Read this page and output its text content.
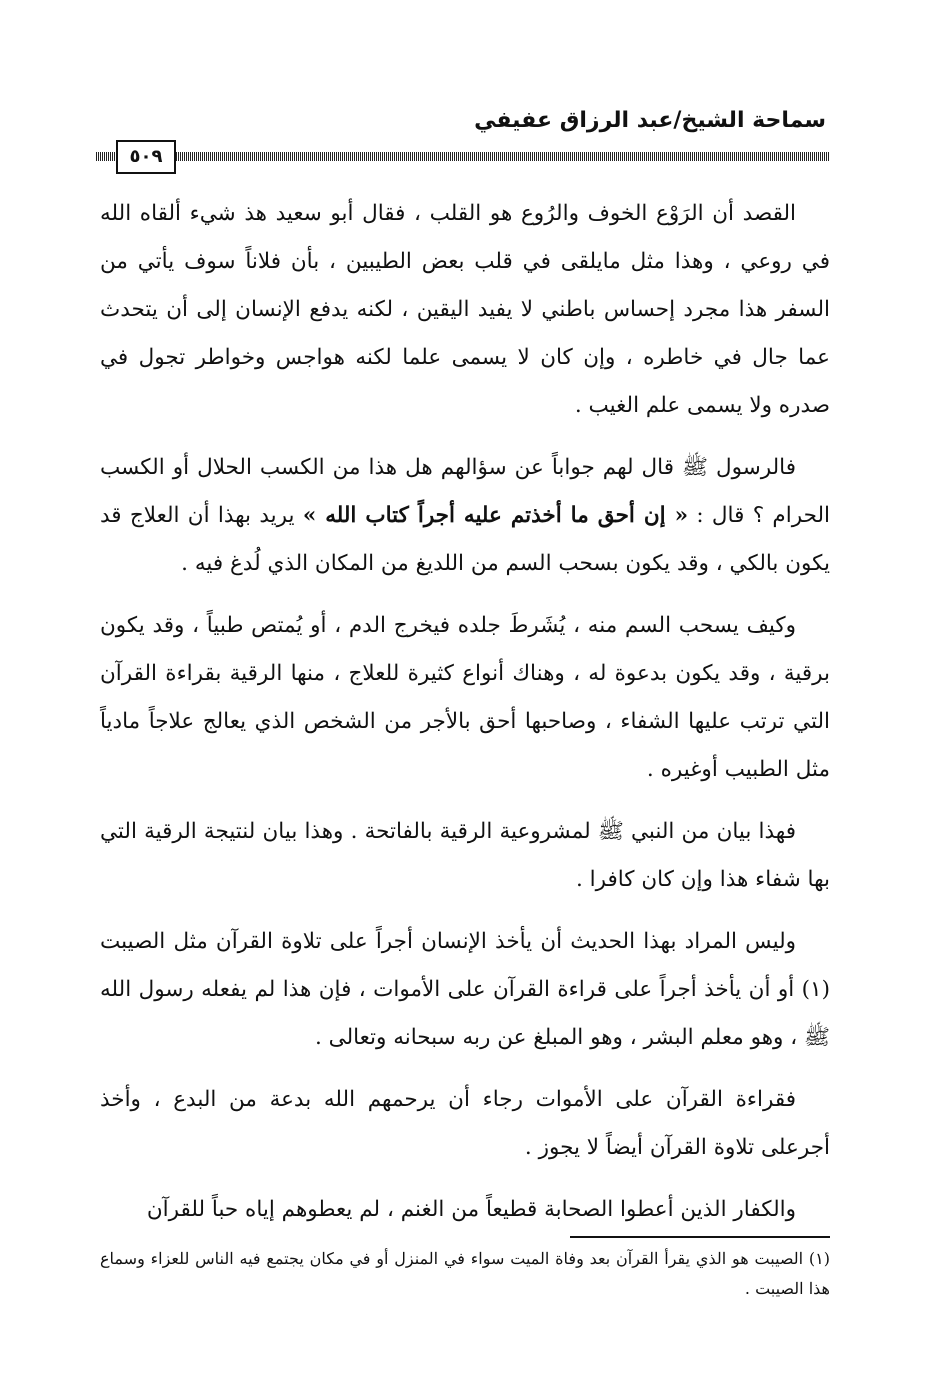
سماحة الشيخ/عبد الرزاق عفيفي
٥٠٩

القصد أن الرَوْع الخوف والرُوع هو القلب ، فقال أبو سعيد هذ شيء ألقاه الله في روعي ، وهذا مثل مايلقى في قلب بعض الطيبين ، بأن فلاناً سوف يأتي من السفر هذا مجرد إحساس باطني لا يفيد اليقين ، لكنه يدفع الإنسان إلى أن يتحدث عما جال في خاطره ، وإن كان لا يسمى علما لكنه هواجس وخواطر تجول في صدره ولا يسمى علم الغيب .

فالرسول ﷺ قال لهم جواباً عن سؤالهم هل هذا من الكسب الحلال أو الكسب الحرام ؟ قال : « إن أحق ما أخذتم عليه أجراً كتاب الله » يريد بهذا أن العلاج قد يكون بالكي ، وقد يكون بسحب السم من اللديغ من المكان الذي لُدغ فيه .

وكيف يسحب السم منه ، يُشَرطَ جلده فيخرج الدم ، أو يُمتص طبياً ، وقد يكون برقية ، وقد يكون بدعوة له ، وهناك أنواع كثيرة للعلاج ، منها الرقية بقراءة القرآن التي ترتب عليها الشفاء ، وصاحبها أحق بالأجر من الشخص الذي يعالج علاجاً مادياً مثل الطبيب أوغيره .

فهذا بيان من النبي ﷺ لمشروعية الرقية بالفاتحة . وهذا بيان لنتيجة الرقية التي بها شفاء هذا وإن كان كافرا .

وليس المراد بهذا الحديث أن يأخذ الإنسان أجراً على تلاوة القرآن مثل الصيبت (١) أو أن يأخذ أجراً على قراءة القرآن على الأموات ، فإن هذا لم يفعله رسول الله ﷺ ، وهو معلم البشر ، وهو المبلغ عن ربه سبحانه وتعالى .

فقراءة القرآن على الأموات رجاء أن يرحمهم الله بدعة من البدع ، وأخذ أجرعلى تلاوة القرآن أيضاً لا يجوز .

والكفار الذين أعطوا الصحابة قطيعاً من الغنم ، لم يعطوهم إياه حباً للقرآن

(١) الصيبت هو الذي يقرأ القرآن بعد وفاة الميت سواء في المنزل أو في مكان يجتمع فيه الناس للعزاء وسماع هذا الصيبت .
